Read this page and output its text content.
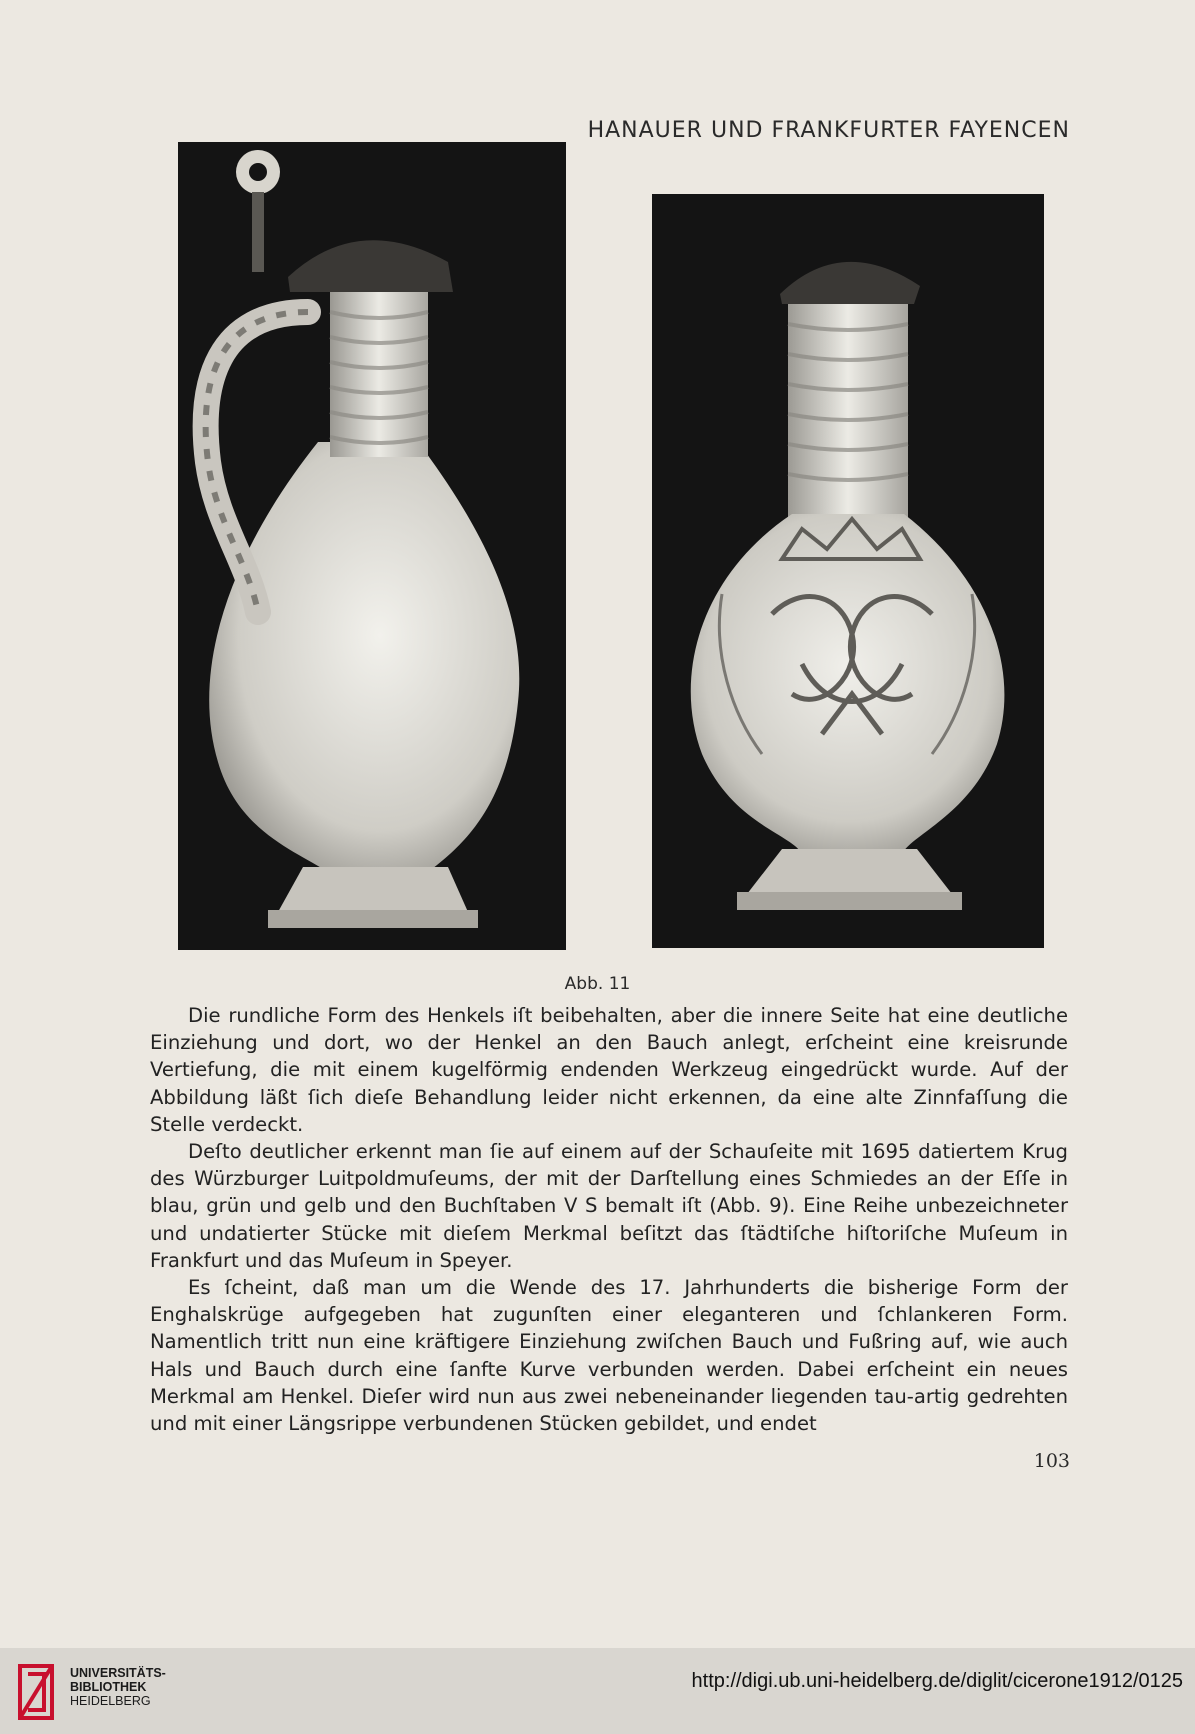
HANAUER UND FRANKFURTER FAYENCEN
Abb. 11

Die rundliche Form des Henkels iſt beibehalten, aber die innere Seite hat eine deutliche Einziehung und dort, wo der Henkel an den Bauch anlegt, erſcheint eine kreisrunde Vertiefung, die mit einem kugelförmig endenden Werkzeug eingedrückt wurde. Auf der Abbildung läßt ſich dieſe Behandlung leider nicht erkennen, da eine alte Zinnfaſſung die Stelle verdeckt.

Deſto deutlicher erkennt man ſie auf einem auf der Schauſeite mit 1695 datiertem Krug des Würzburger Luitpoldmuſeums, der mit der Darſtellung eines Schmiedes an der Eſſe in blau, grün und gelb und den Buchſtaben V S bemalt iſt (Abb. 9). Eine Reihe unbezeichneter und undatierter Stücke mit dieſem Merkmal beſitzt das ſtädtiſche hiſtoriſche Muſeum in Frankfurt und das Muſeum in Speyer.

Es ſcheint, daß man um die Wende des 17. Jahrhunderts die bisherige Form der Enghalskrüge aufgegeben hat zugunſten einer eleganteren und ſchlankeren Form. Namentlich tritt nun eine kräftigere Einziehung zwiſchen Bauch und Fußring auf, wie auch Hals und Bauch durch eine ſanfte Kurve verbunden werden. Dabei erſcheint ein neues Merkmal am Henkel. Dieſer wird nun aus zwei nebeneinander liegenden tau-artig gedrehten und mit einer Längsrippe verbundenen Stücken gebildet, und endet

103
UNIVERSITÄTS-
BIBLIOTHEK
HEIDELBERG
http://digi.ub.uni-heidelberg.de/diglit/cicerone1912/0125
